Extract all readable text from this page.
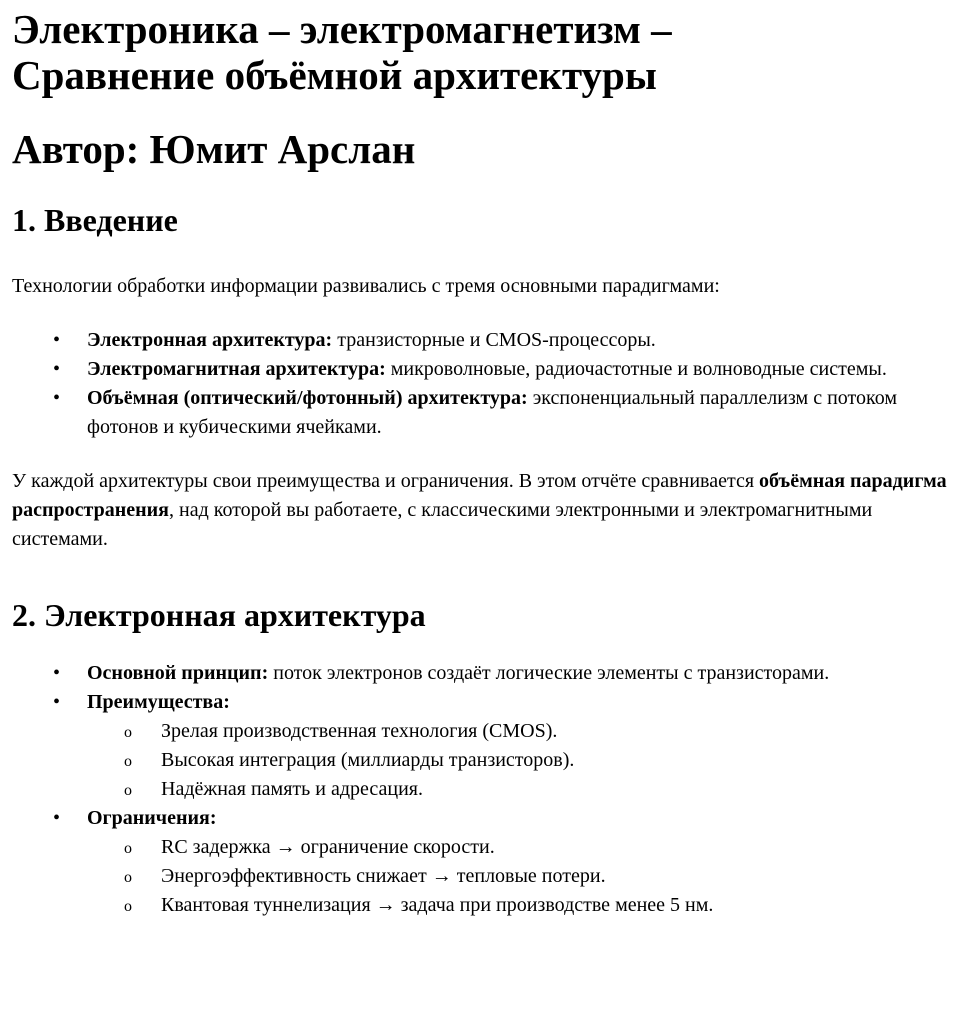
Электроника – электромагнетизм –
Сравнение объёмной архитектуры
Автор: Юмит Арслан
1. Введение

Технологии обработки информации развивались с тремя основными парадигмами:

• Электронная архитектура: транзисторные и CMOS-процессоры.
• Электромагнитная архитектура: микроволновые, радиочастотные и волноводные системы.
• Объёмная (оптический/фотонный) архитектура: экспоненциальный параллелизм с потоком фотонов и кубическими ячейками.

У каждой архитектуры свои преимущества и ограничения. В этом отчёте сравнивается объёмная парадигма распространения, над которой вы работаете, с классическими электронными и электромагнитными системами.

2. Электронная архитектура
• Основной принцип: поток электронов создаёт логические элементы с транзисторами.
• Преимущества:
o Зрелая производственная технология (CMOS).
o Высокая интеграция (миллиарды транзисторов).
o Надёжная память и адресация.
• Ограничения:
o RC задержка → ограничение скорости.
o Энергоэффективность снижает → тепловые потери.
o Квантовая туннелизация → задача при производстве менее 5 нм.
